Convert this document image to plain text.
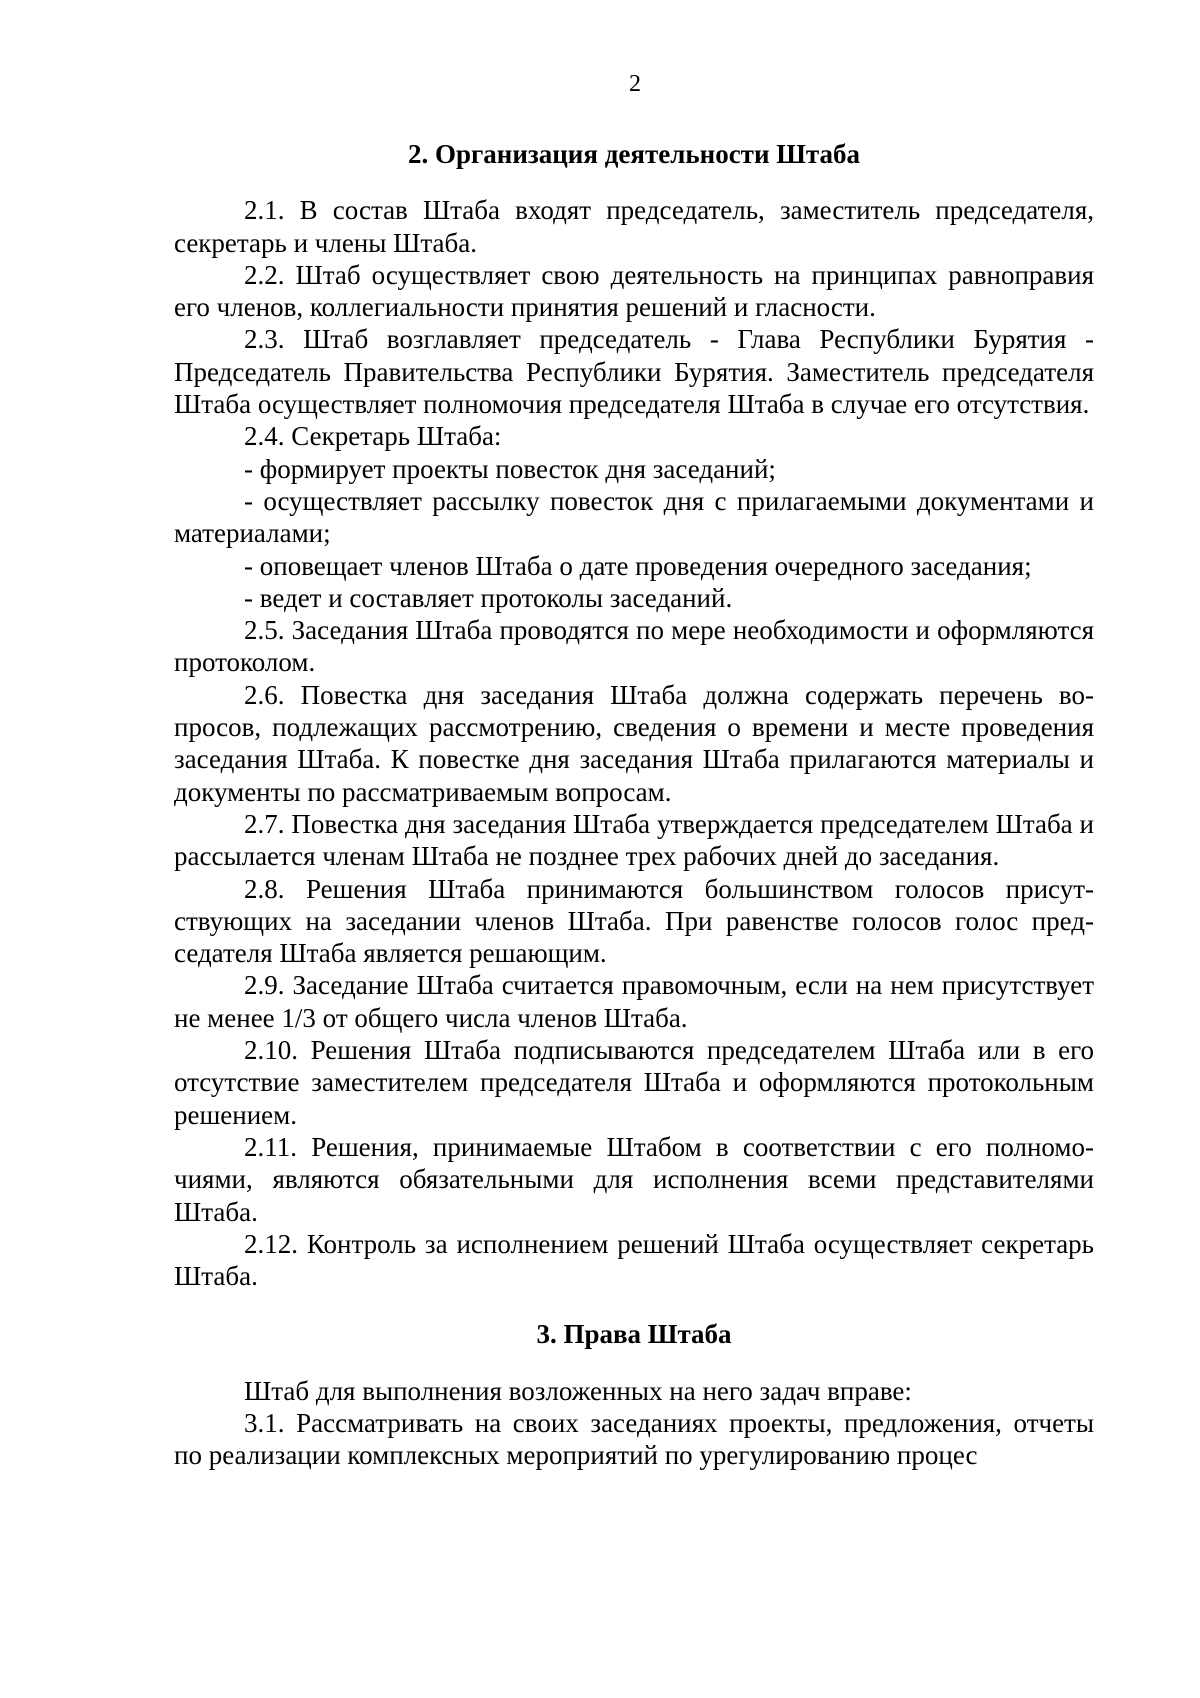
2
2. Организация деятельности Штаба

2.1. В состав Штаба входят председатель, заместитель председателя, секретарь и члены Штаба.

2.2. Штаб осуществляет свою деятельность на принципах равноправия его членов, коллегиальности принятия решений и гласности.

2.3. Штаб возглавляет председатель - Глава Республики Бурятия - Председатель Правительства Республики Бурятия. Заместитель председателя Штаба осуществляет полномочия председателя Штаба в случае его отсутствия.

2.4. Секретарь Штаба:

- формирует проекты повесток дня заседаний;

- осуществляет рассылку повесток дня с прилагаемыми документами и материалами;

- оповещает членов Штаба о дате проведения очередного заседания;

- ведет и составляет протоколы заседаний.

2.5. Заседания Штаба проводятся по мере необходимости и оформляются протоколом.

2.6. Повестка дня заседания Штаба должна содержать перечень вопросов, подлежащих рассмотрению, сведения о времени и месте проведения заседания Штаба. К повестке дня заседания Штаба прилагаются материалы и документы по рассматриваемым вопросам.

2.7. Повестка дня заседания Штаба утверждается председателем Штаба и рассылается членам Штаба не позднее трех рабочих дней до заседания.

2.8. Решения Штаба принимаются большинством голосов присутствующих на заседании членов Штаба. При равенстве голосов голос председателя Штаба является решающим.

2.9. Заседание Штаба считается правомочным, если на нем присутствует не менее 1/3 от общего числа членов Штаба.

2.10. Решения Штаба подписываются председателем Штаба или в его отсутствие заместителем председателя Штаба и оформляются протокольным решением.

2.11. Решения, принимаемые Штабом в соответствии с его полномочиями, являются обязательными для исполнения всеми представителями Штаба.

2.12. Контроль за исполнением решений Штаба осуществляет секретарь Штаба.

3. Права Штаба

Штаб для выполнения возложенных на него задач вправе:

3.1. Рассматривать на своих заседаниях проекты, предложения, отчеты по реализации комплексных мероприятий по урегулированию процес
